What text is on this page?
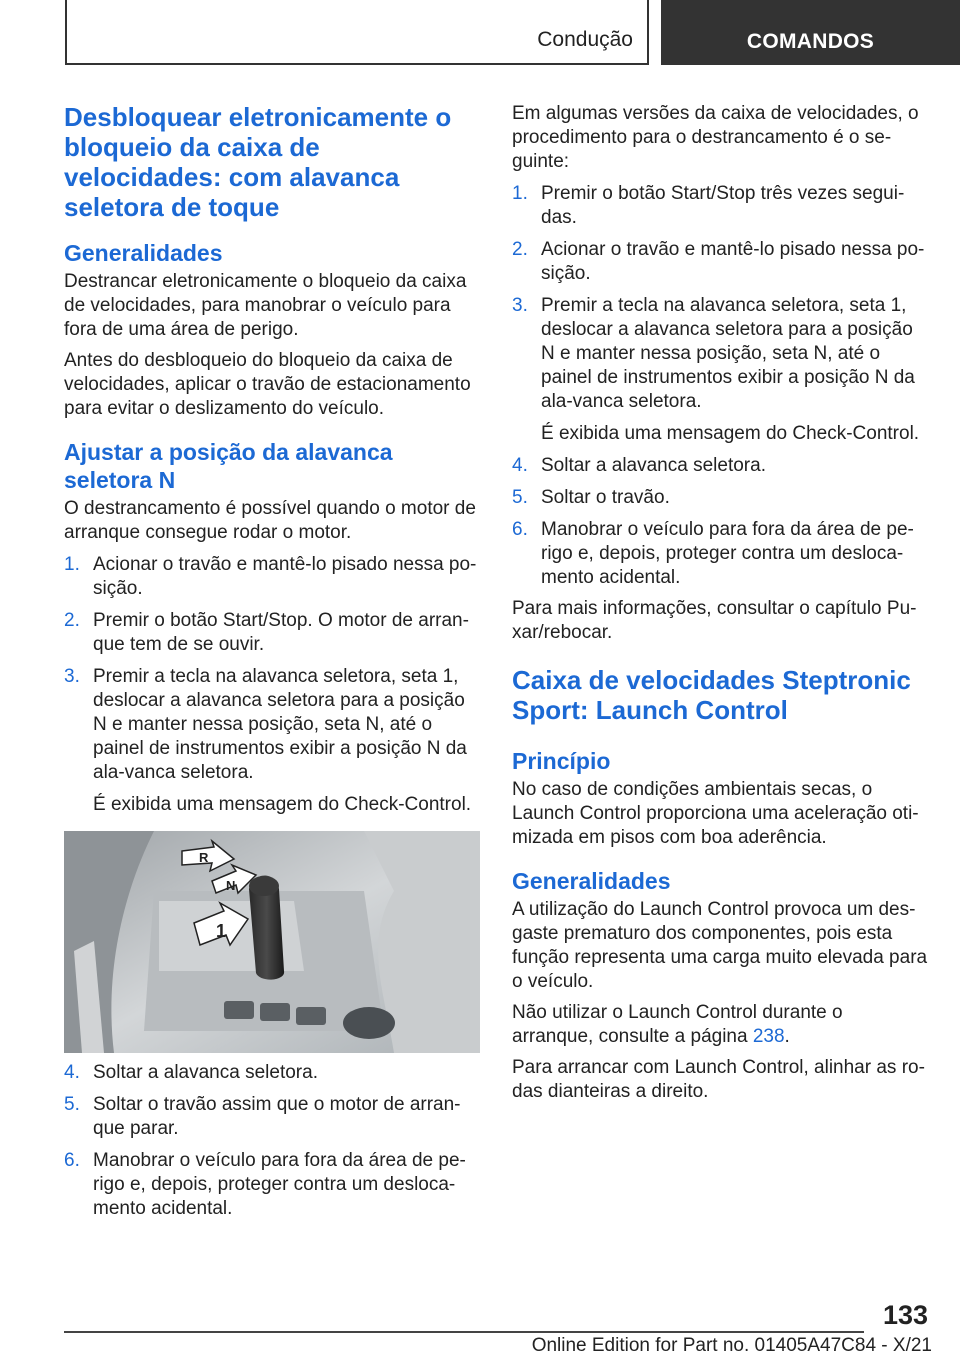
Condução	COMANDOS
Desbloquear eletronicamente o bloqueio da caixa de velocidades: com alavanca seletora de toque
Generalidades

Destrancar eletronicamente o bloqueio da caixa de velocidades, para manobrar o veículo para fora de uma área de perigo.

Antes do desbloqueio do bloqueio da caixa de velocidades, aplicar o travão de estacionamento para evitar o deslizamento do veículo.

Ajustar a posição da alavanca seletora N

O destrancamento é possível quando o motor de arranque consegue rodar o motor.

1. Acionar o travão e mantê-lo pisado nessa po-sição.
2. Premir o botão Start/Stop. O motor de arran-que tem de se ouvir.
3. Premir a tecla na alavanca seletora, seta 1, deslocar a alavanca seletora para a posição N e manter nessa posição, seta N, até o painel de instrumentos exibir a posição N da ala-vanca seletora.
É exibida uma mensagem do Check-Control.
R
N
1
4. Soltar a alavanca seletora.
5. Soltar o travão assim que o motor de arran-que parar.
6. Manobrar o veículo para fora da área de pe-rigo e, depois, proteger contra um desloca-mento acidental.

Em algumas versões da caixa de velocidades, o procedimento para o destrancamento é o se-guinte:

1. Premir o botão Start/Stop três vezes segui-das.
2. Acionar o travão e mantê-lo pisado nessa po-sição.
3. Premir a tecla na alavanca seletora, seta 1, deslocar a alavanca seletora para a posição N e manter nessa posição, seta N, até o painel de instrumentos exibir a posição N da ala-vanca seletora.
É exibida uma mensagem do Check-Control.
4. Soltar a alavanca seletora.
5. Soltar o travão.
6. Manobrar o veículo para fora da área de pe-rigo e, depois, proteger contra um desloca-mento acidental.

Para mais informações, consultar o capítulo Pu-xar/rebocar.

Caixa de velocidades Steptronic Sport: Launch Control
Princípio

No caso de condições ambientais secas, o Launch Control proporciona uma aceleração oti-mizada em pisos com boa aderência.

Generalidades

A utilização do Launch Control provoca um des-gaste prematuro dos componentes, pois esta função representa uma carga muito elevada para o veículo.

Não utilizar o Launch Control durante o arranque, consulte a página 238.

Para arrancar com Launch Control, alinhar as ro-das dianteiras a direito.

133
Online Edition for Part no. 01405A47C84 - X/21
